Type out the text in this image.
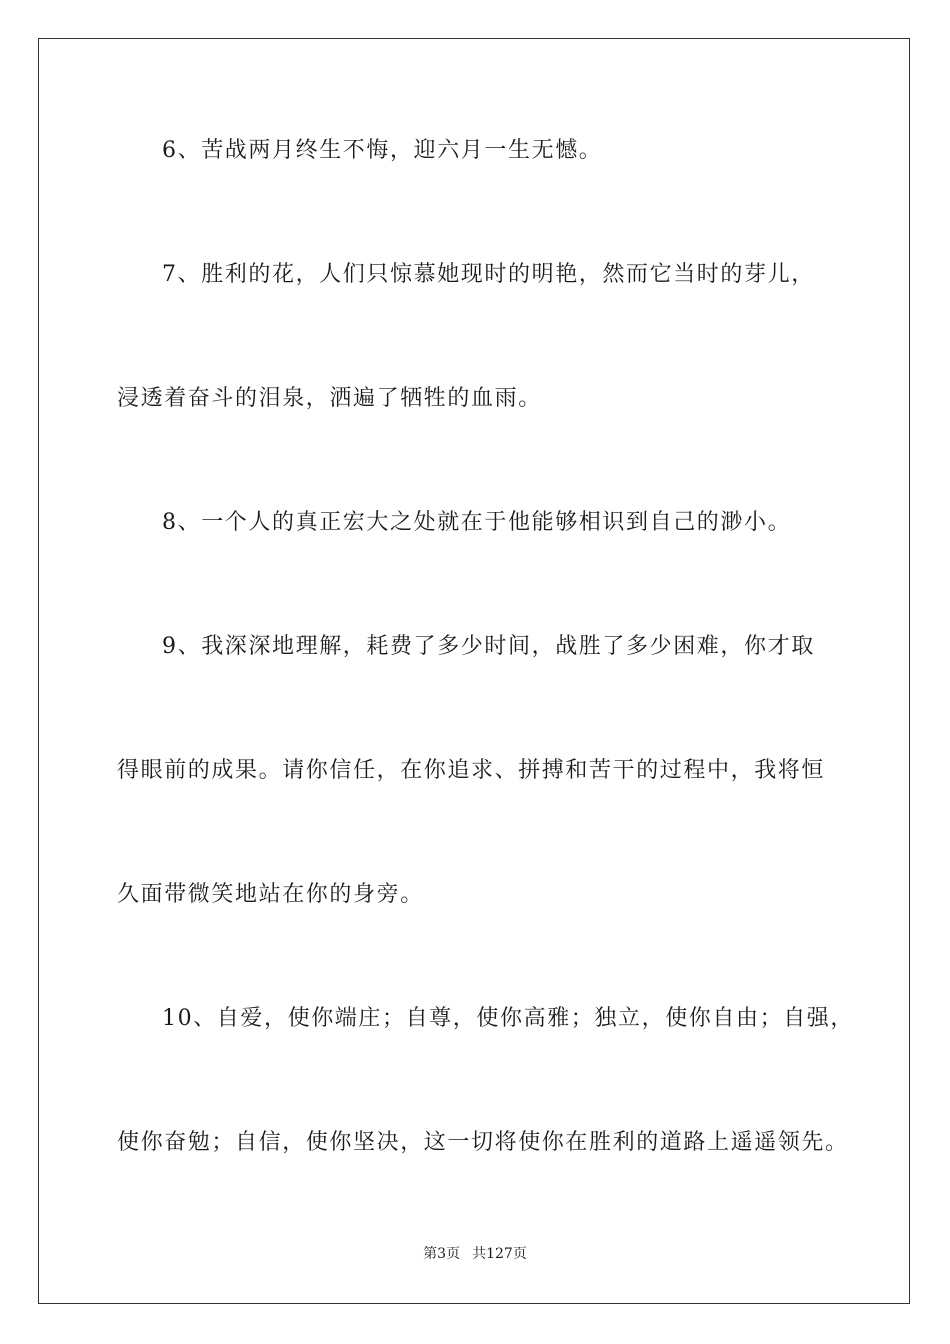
6、苦战两月终生不悔，迎六月一生无憾。
7、胜利的花，人们只惊慕她现时的明艳，然而它当时的芽儿，
浸透着奋斗的泪泉，洒遍了牺牲的血雨。
8、一个人的真正宏大之处就在于他能够相识到自己的渺小。
9、我深深地理解，耗费了多少时间，战胜了多少困难，你才取
得眼前的成果。请你信任，在你追求、拼搏和苦干的过程中，我将恒
久面带微笑地站在你的身旁。
10、自爱，使你端庄；自尊，使你高雅；独立，使你自由；自强，
使你奋勉；自信，使你坚决，这一切将使你在胜利的道路上遥遥领先。
第3页 共127页
